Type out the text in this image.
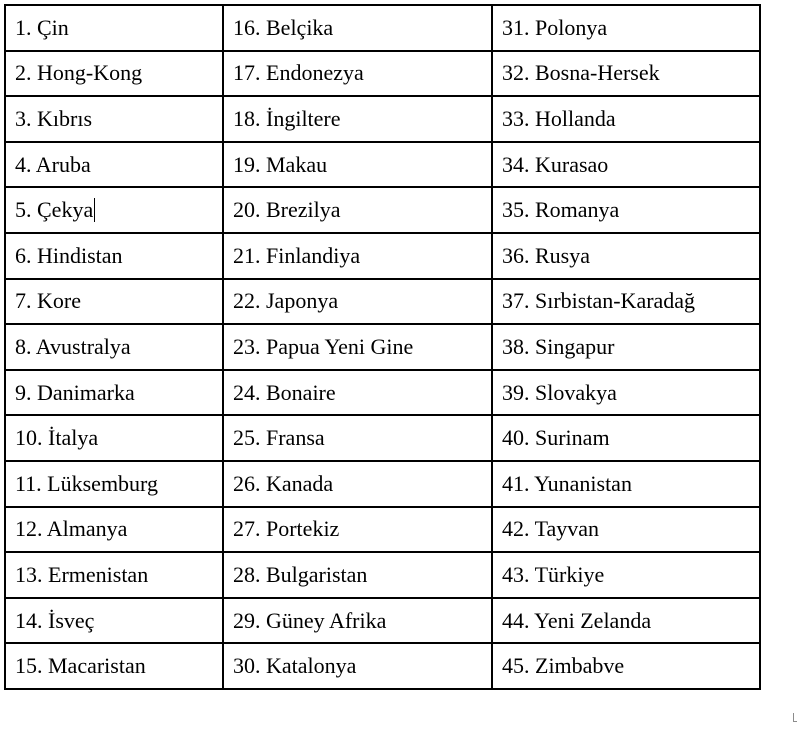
1. Çin	16. Belçika	31. Polonya
2. Hong-Kong	17. Endonezya	32. Bosna-Hersek
3. Kıbrıs	18. İngiltere	33. Hollanda
4. Aruba	19. Makau	34. Kurasao
5. Çekya	20. Brezilya	35. Romanya
6. Hindistan	21. Finlandiya	36. Rusya
7. Kore	22. Japonya	37. Sırbistan-Karadağ
8. Avustralya	23. Papua Yeni Gine	38. Singapur
9. Danimarka	24. Bonaire	39. Slovakya
10. İtalya	25. Fransa	40. Surinam
11. Lüksemburg	26. Kanada	41. Yunanistan
12. Almanya	27. Portekiz	42. Tayvan
13. Ermenistan	28. Bulgaristan	43. Türkiye
14. İsveç	29. Güney Afrika	44. Yeni Zelanda
15. Macaristan	30. Katalonya	45. Zimbabve
